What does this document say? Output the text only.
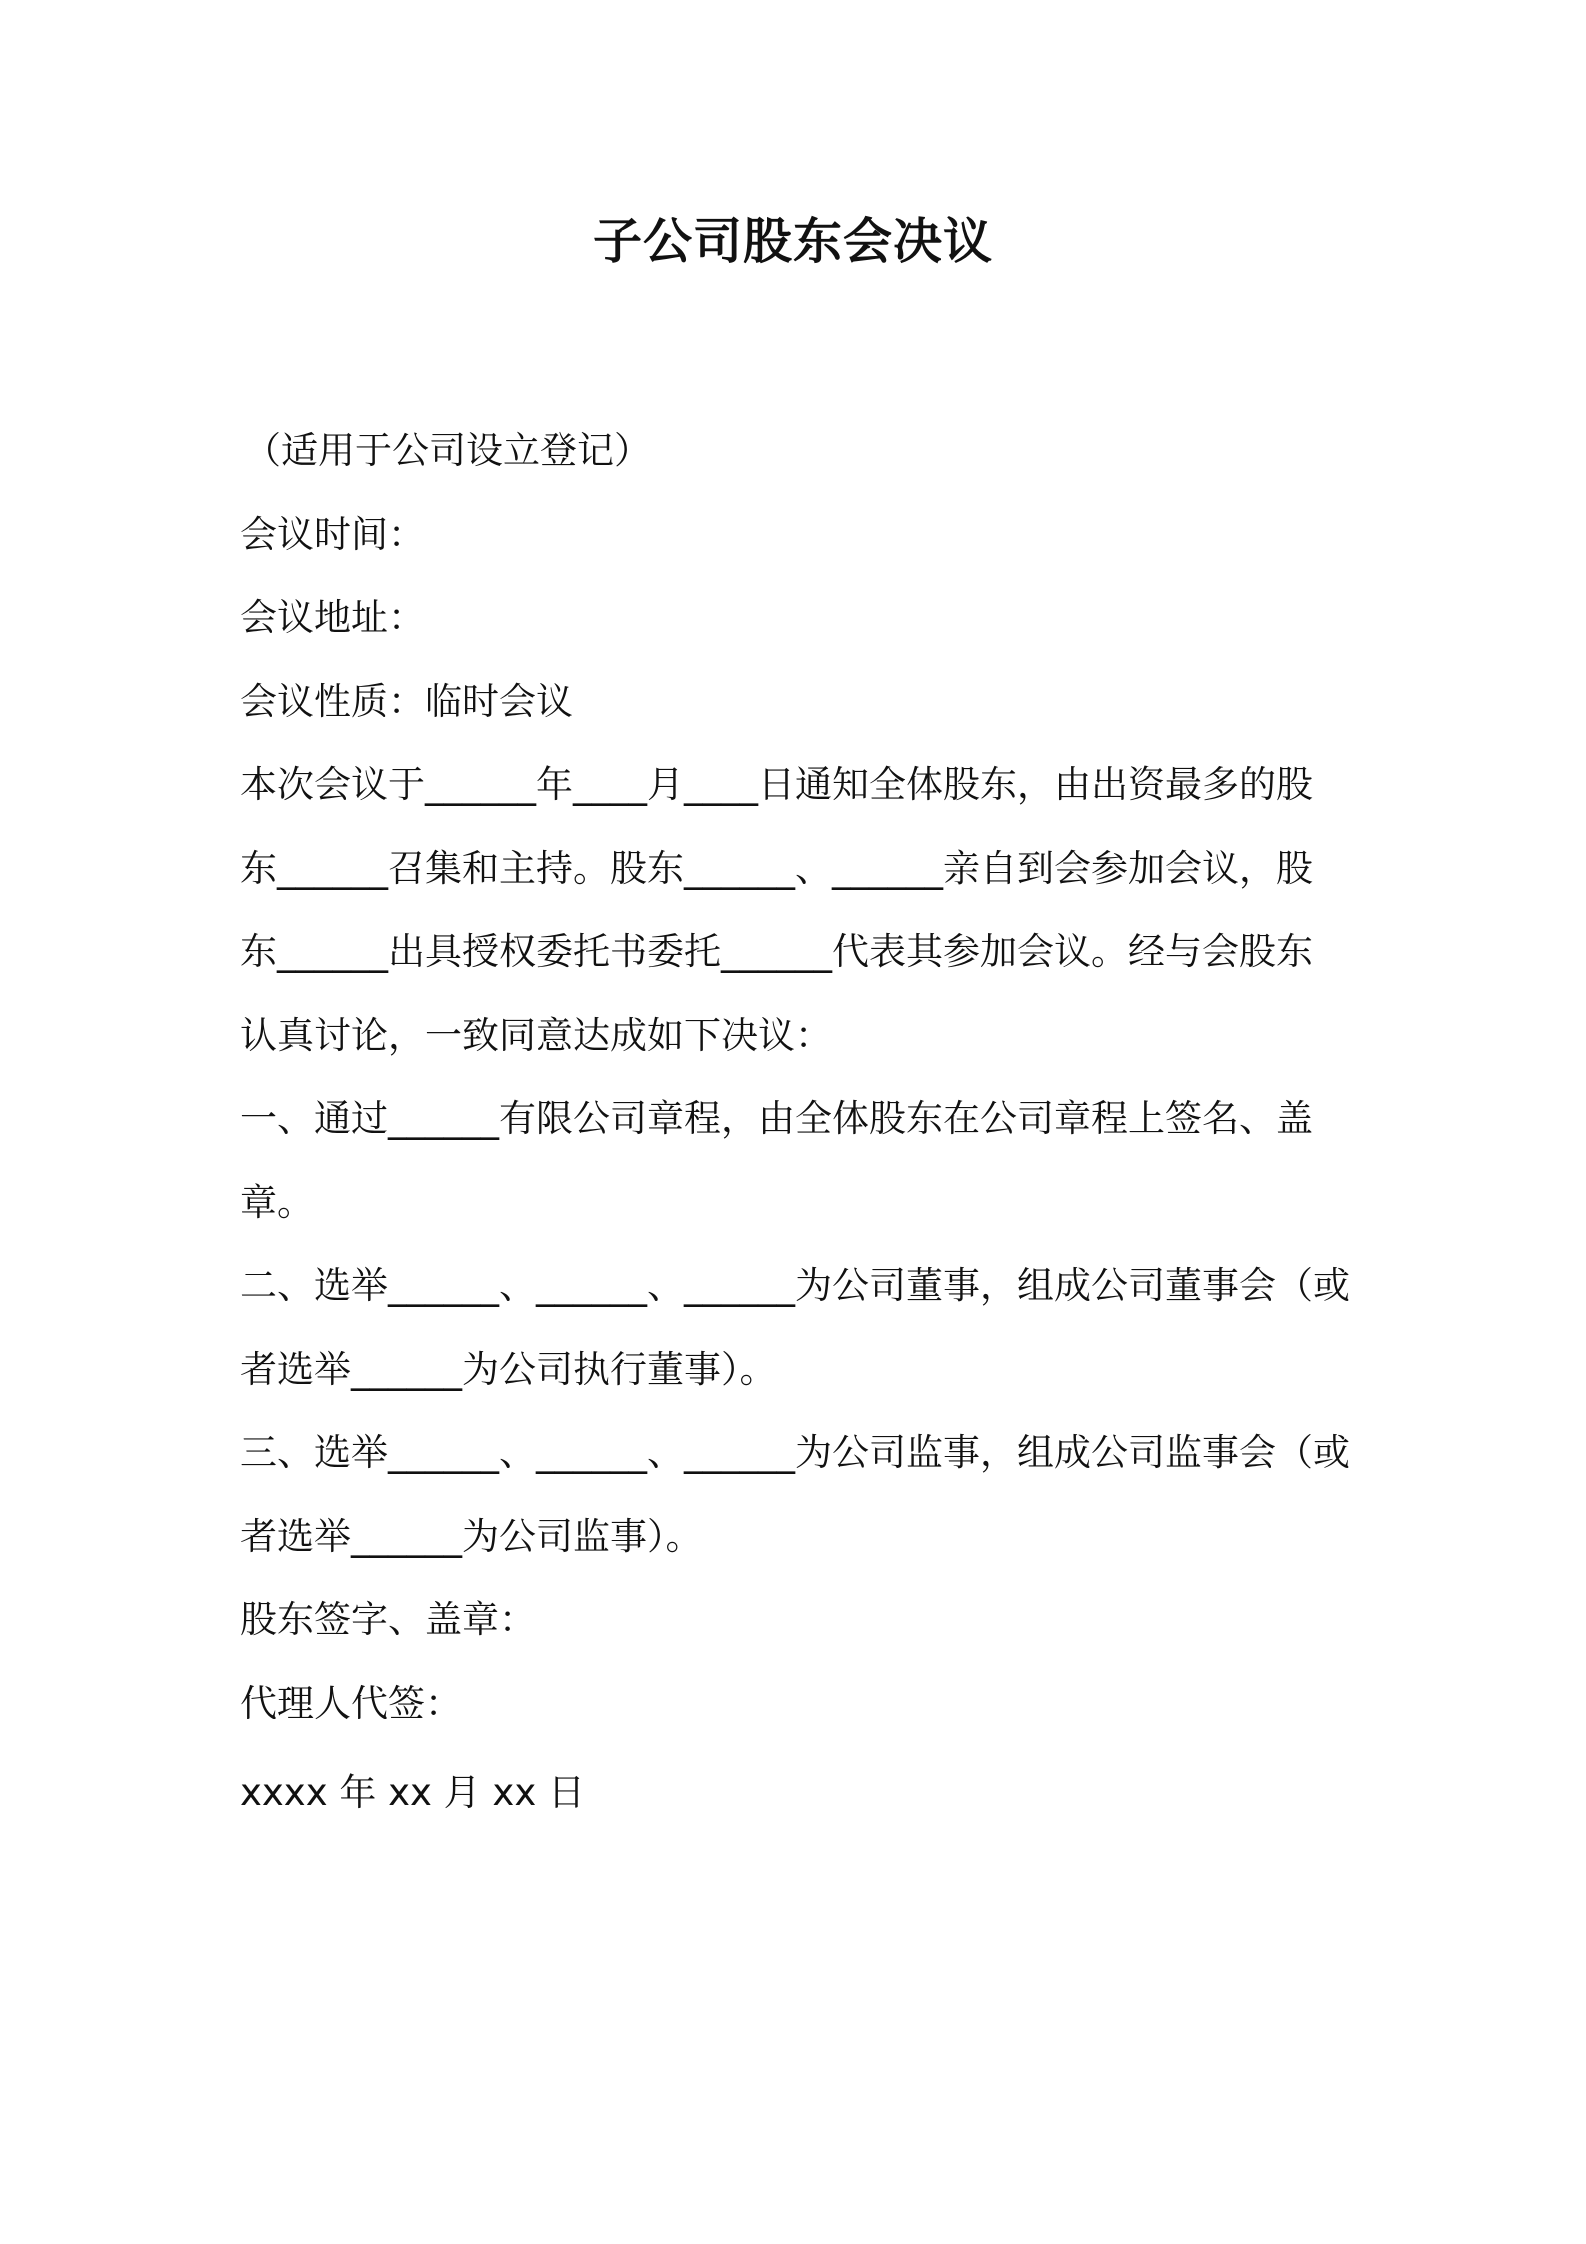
子公司股东会决议
（适用于公司设立登记）
会议时间：
会议地址：
会议性质：临时会议
本次会议于______年____月____日通知全体股东，由出资最多的股
东______召集和主持。股东______、______亲自到会参加会议，股
东______出具授权委托书委托______代表其参加会议。经与会股东
认真讨论，一致同意达成如下决议：
一、通过______有限公司章程，由全体股东在公司章程上签名、盖
章。
二、选举______、______、______为公司董事，组成公司董事会（或
者选举______为公司执行董事）。
三、选举______、______、______为公司监事，组成公司监事会（或
者选举______为公司监事）。
股东签字、盖章：
代理人代签：
xxxx 年 xx 月 xx 日
